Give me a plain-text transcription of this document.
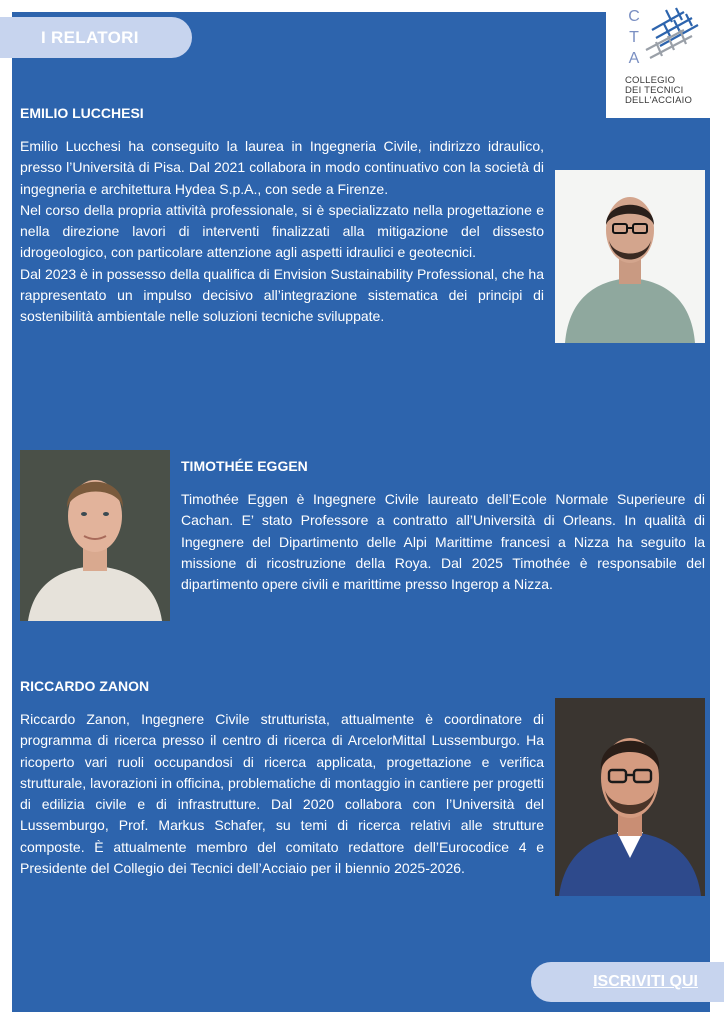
I RELATORI
C
T
A
COLLEGIO
DEI TECNICI
DELL'ACCIAIO
EMILIO LUCCHESI

Emilio Lucchesi ha conseguito la laurea in Ingegneria Civile, indirizzo idraulico, presso l’Università di Pisa. Dal 2021 collabora in modo continuativo con la società di ingegneria e architettura Hydea S.p.A., con sede a Firenze.

Nel corso della propria attività professionale, si è specializzato nella progettazione e nella direzione lavori di interventi finalizzati alla mitigazione del dissesto idrogeologico, con particolare attenzione agli aspetti idraulici e geotecnici.

Dal 2023 è in possesso della qualifica di Envision Sustainability Professional, che ha rappresentato un impulso decisivo all’integrazione sistematica dei principi di sostenibilità ambientale nelle soluzioni tecniche sviluppate.

TIMOTHÉE EGGEN

Timothée Eggen è Ingegnere Civile laureato dell’Ecole Normale Superieure di Cachan. E’ stato Professore a contratto all’Università di Orleans. In qualità di Ingegnere del Dipartimento delle Alpi Marittime francesi a Nizza ha seguito la missione di ricostruzione della Roya. Dal 2025 Timothée è responsabile del dipartimento opere civili e marittime presso Ingerop a Nizza.

RICCARDO ZANON

Riccardo Zanon, Ingegnere Civile strutturista, attualmente è coordinatore di programma di ricerca presso il centro di ricerca di ArcelorMittal Lussemburgo. Ha ricoperto vari ruoli occupandosi di ricerca applicata, progettazione e verifica strutturale, lavorazioni in officina, problematiche di montaggio in cantiere per progetti di edilizia civile e di infrastrutture. Dal 2020 collabora con l’Università del Lussemburgo, Prof. Markus Schafer, su temi di ricerca relativi alle strutture composte. È attualmente membro del comitato redattore dell’Eurocodice 4 e Presidente del Collegio dei Tecnici dell’Acciaio per il biennio 2025-2026.

ISCRIVITI QUI
